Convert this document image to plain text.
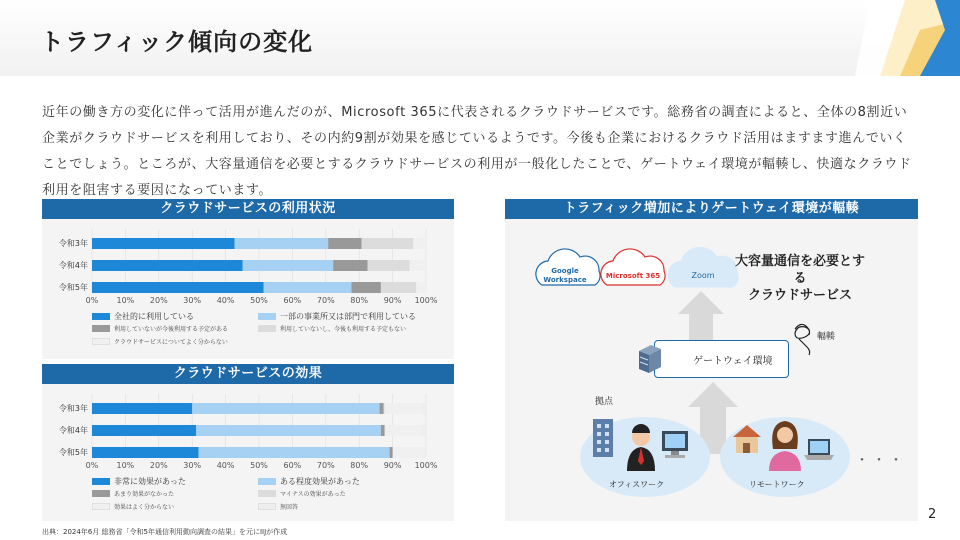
トラフィック傾向の変化
近年の働き方の変化に伴って活用が進んだのが、Microsoft 365に代表されるクラウドサービスです。総務省の調査によると、全体の8割近い企業がクラウドサービスを利用しており、その内約9割が効果を感じているようです。今後も企業におけるクラウド活用はますます進んでいくことでしょう。ところが、大容量通信を必要とするクラウドサービスの利用が一般化したことで、ゲートウェイ環境が輻輳し、快適なクラウド利用を阻害する要因になっています。
クラウドサービスの利用状況
0% 10% 20% 30% 40% 50% 60% 70% 80% 90% 100%
令和3年
令和4年
令和5年
全社的に利用している	一部の事業所又は部門で利用している
利用していないが今後利用する予定がある	利用していないし、今後も利用する予定もない
クラウドサービスについてよく分からない
クラウドサービスの効果
0% 10% 20% 30% 40% 50% 60% 70% 80% 90% 100%
令和3年
令和4年
令和5年
非常に効果があった	ある程度効果があった
あまり効果がなかった	マイナスの効果があった
効果はよく分からない	無回答
トラフィック増加によりゲートウェイ環境が輻輳
Google
Workspace	Microsoft 365	Zoom
大容量通信を必要とする
クラウドサービス
輻輳
ゲートウェイ環境
拠点
オフィスワーク	リモートワーク
・・・
出典：2024年6月 総務省「令和5年通信利用動向調査の結果」を元にIIJが作成
2
